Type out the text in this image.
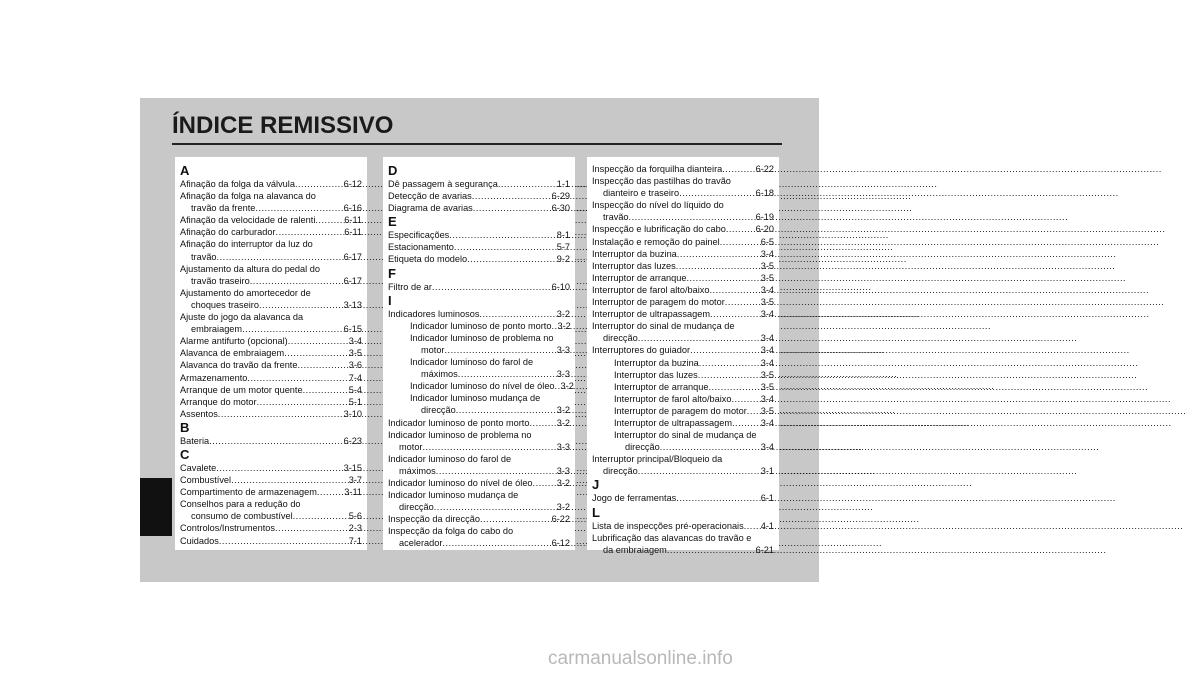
ÍNDICE REMISSIVO
A
Afinação da folga da válvula .....	6-12
Afinação da folga na alavanca do
travão da frente .....	6-16
Afinação da velocidade de ralenti .....	6-11
Afinação do carburador .....	6-11
Afinação do interruptor da luz do
travão .....	6-17
Ajustamento da altura do pedal do
travão traseiro .....	6-17
Ajustamento do amortecedor de
choques traseiro .....	3-13
Ajuste do jogo da alavanca da
embraiagem .....	6-15
Alarme antifurto (opcional) .....	3-4
Alavanca de embraiagem .....	3-5
Alavanca do travão da frente .....	3-6
Armazenamento .....	7-4
Arranque de um motor quente .....	5-4
Arranque do motor .....	5-1
Assentos .....	3-10
B
Bateria .....	6-23
C
Cavalete .....	3-15
Combustível .....	3-7
Compartimento de armazenagem .....	3-11
Conselhos para a redução do
consumo de combustível .....	5-6
Controlos/Instrumentos .....	2-3
Cuidados .....	7-1
D
Dê passagem à segurança .....	1-1
Detecção de avarias .....	6-29
Diagrama de avarias .....	6-30
E
Especificações .....	8-1
Estacionamento .....	5-7
Etiqueta do modelo .....	9-2
F
Filtro de ar .....	6-10
I
Indicadores luminosos .....	3-2
Indicador luminoso de ponto morto ..... 3-2
Indicador luminoso de problema no
motor .....	3-3
Indicador luminoso do farol de
máximos .....	3-3
Indicador luminoso do nível de óleo ..... 3-2
Indicador luminoso mudança de
direcção .....	3-2
Indicador luminoso de ponto morto .....	3-2
Indicador luminoso de problema no
motor .....	3-3
Indicador luminoso do farol de
máximos .....	3-3
Indicador luminoso do nível de óleo .....	3-2
Indicador luminoso mudança de
direcção .....	3-2
Inspecção da direcção .....	6-22
Inspecção da folga do cabo do
acelerador .....	6-12
Inspecção da forquilha dianteira .....	6-22
Inspecção das pastilhas do travão
dianteiro e traseiro .....	6-18
Inspecção do nível do líquido do
travão .....	6-19
Inspecção e lubrificação do cabo .....	6-20
Instalação e remoção do painel .....	6-5
Interruptor da buzina .....	3-4
Interruptor das luzes .....	3-5
Interruptor de arranque .....	3-5
Interruptor de farol alto/baixo .....	3-4
Interruptor de paragem do motor .....	3-5
Interruptor de ultrapassagem .....	3-4
Interruptor do sinal de mudança de
direcção .....	3-4
Interruptores do guiador .....	3-4
Interruptor da buzina .....	3-4
Interruptor das luzes .....	3-5
Interruptor de arranque .....	3-5
Interruptor de farol alto/baixo .....	3-4
Interruptor de paragem do motor ..... 3-5
Interruptor de ultrapassagem .....	3-4
Interruptor do sinal de mudança de
direcção .....	3-4
Interruptor principal/Bloqueio da
direcção .....	3-1
J
Jogo de ferramentas .....	6-1
L
Lista de inspecções pré-operacionais ..... 4-1
Lubrificação das alavancas do travão e
da embraiagem .....	6-21
carmanualsonline.info
